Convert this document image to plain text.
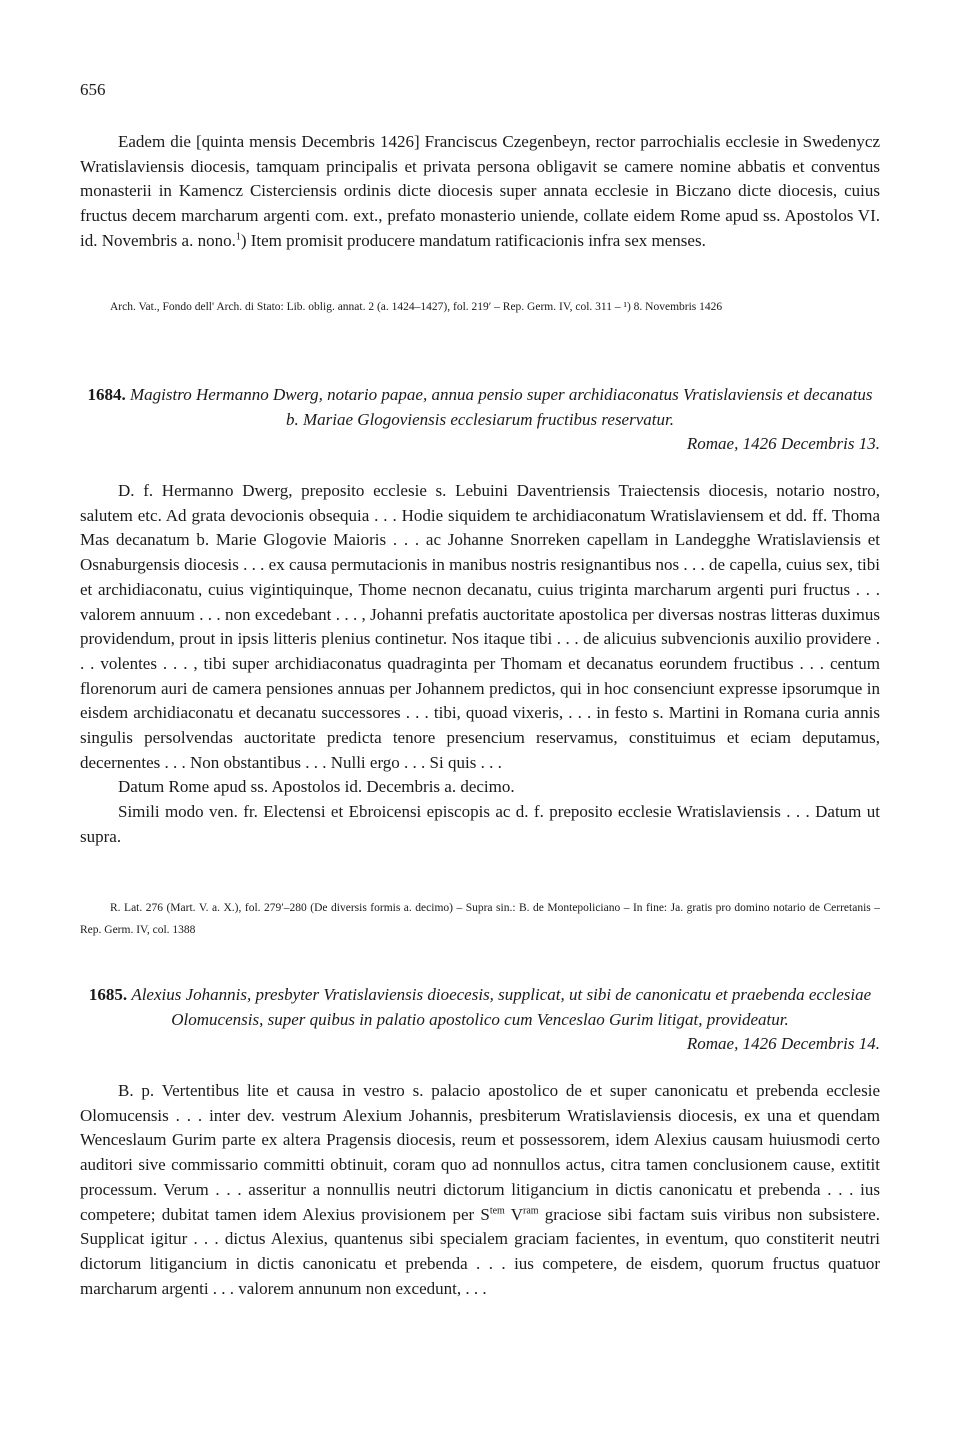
656

Eadem die [quinta mensis Decembris 1426] Franciscus Czegenbeyn, rector parrochialis ecclesie in Swedenycz Wratislaviensis diocesis, tamquam principalis et privata persona obligavit se camere nomine abbatis et conventus monasterii in Kamencz Cisterciensis ordinis dicte diocesis super annata ecclesie in Biczano dicte diocesis, cuius fructus decem marcharum argenti com. ext., prefato monasterio uniende, collate eidem Rome apud ss. Apostolos VI. id. Novembris a. nono.$^1$) Item promisit producere mandatum ratificacionis infra sex menses.

Arch. Vat., Fondo dell' Arch. di Stato: Lib. oblig. annat. 2 (a. 1424–1427), fol. 219′ – Rep. Germ. IV, col. 311 – ¹) 8. Novembris 1426

1684. Magistro Hermanno Dwerg, notario papae, annua pensio super archidiaconatus Vratislaviensis et decanatus b. Mariae Glogoviensis ecclesiarum fructibus reservatur.

Romae, 1426 Decembris 13.

D. f. Hermanno Dwerg, preposito ecclesie s. Lebuini Daventriensis Traiectensis diocesis, notario nostro, salutem etc. Ad grata devocionis obsequia . . . Hodie siquidem te archidiaconatum Wratislaviensem et dd. ff. Thoma Mas decanatum b. Marie Glogovie Maioris . . . ac Johanne Snorreken capellam in Landegghe Wratislaviensis et Osnaburgensis diocesis . . . ex causa permutacionis in manibus nostris resignantibus nos . . . de capella, cuius sex, tibi et archidiaconatu, cuius vigintiquinque, Thome necnon decanatu, cuius triginta marcharum argenti puri fructus . . . valorem annuum . . . non excedebant . . . , Johanni prefatis auctoritate apostolica per diversas nostras litteras duximus providendum, prout in ipsis litteris plenius continetur. Nos itaque tibi . . . de alicuius subvencionis auxilio providere . . . volentes . . . , tibi super archidiaconatus quadraginta per Thomam et decanatus eorundem fructibus . . . centum florenorum auri de camera pensiones annuas per Johannem predictos, qui in hoc consenciunt expresse ipsorumque in eisdem archidiaconatu et decanatu successores . . . tibi, quoad vixeris, . . . in festo s. Martini in Romana curia annis singulis persolvendas auctoritate predicta tenore presencium reservamus, constituimus et eciam deputamus, decernentes . . . Non obstantibus . . . Nulli ergo . . . Si quis . . .

Datum Rome apud ss. Apostolos id. Decembris a. decimo.

Simili modo ven. fr. Electensi et Ebroicensi episcopis ac d. f. preposito ecclesie Wratislaviensis . . . Datum ut supra.

R. Lat. 276 (Mart. V. a. X.), fol. 279′–280 (De diversis formis a. decimo) – Supra sin.: B. de Montepoliciano – In fine: Ja. gratis pro domino notario de Cerretanis – Rep. Germ. IV, col. 1388

1685. Alexius Johannis, presbyter Vratislaviensis dioecesis, supplicat, ut sibi de canonicatu et praebenda ecclesiae Olomucensis, super quibus in palatio apostolico cum Venceslao Gurim litigat, provideatur.

Romae, 1426 Decembris 14.

B. p. Vertentibus lite et causa in vestro s. palacio apostolico de et super canonicatu et prebenda ecclesie Olomucensis . . . inter dev. vestrum Alexium Johannis, presbiterum Wratislaviensis diocesis, ex una et quendam Wenceslaum Gurim parte ex altera Pragensis diocesis, reum et possessorem, idem Alexius causam huiusmodi certo auditori sive commissario committi obtinuit, coram quo ad nonnullos actus, citra tamen conclusionem cause, extitit processum. Verum . . . asseritur a nonnullis neutri dictorum litigancium in dictis canonicatu et prebenda . . . ius competere; dubitat tamen idem Alexius provisionem per $S^{tem}$ $V^{ram}$ graciose sibi factam suis viribus non subsistere. Supplicat igitur . . . dictus Alexius, quantenus sibi specialem graciam facientes, in eventum, quo constiterit neutri dictorum litigancium in dictis canonicatu et prebenda . . . ius competere, de eisdem, quorum fructus quatuor marcharum argenti . . . valorem annunum non excedunt, . . .
